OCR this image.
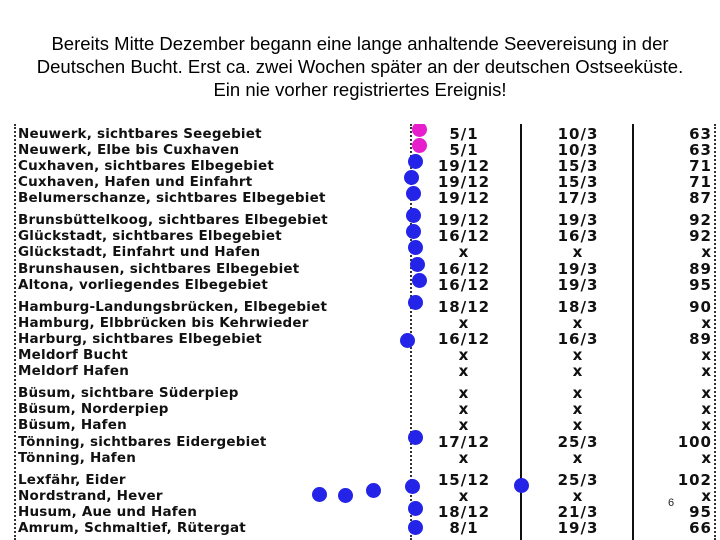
Bereits Mitte Dezember begann eine lange anhaltende Seevereisung in der
Deutschen Bucht. Erst ca. zwei Wochen später an der deutschen Ostseeküste.
Ein nie vorher registriertes Ereignis!
Neuwerk, sichtbares Seegebiet	5/1	10/3	63
Neuwerk, Elbe bis Cuxhaven	5/1	10/3	63
Cuxhaven, sichtbares Elbegebiet	19/12	15/3	71
Cuxhaven, Hafen und Einfahrt	19/12	15/3	71
Belumerschanze, sichtbares Elbegebiet	19/12	17/3	87
Brunsbüttelkoog, sichtbares Elbegebiet	19/12	19/3	92
Glückstadt, sichtbares Elbegebiet	16/12	16/3	92
Glückstadt, Einfahrt und Hafen	x	x	x
Brunshausen, sichtbares Elbegebiet	16/12	19/3	89
Altona, vorliegendes Elbegebiet	16/12	19/3	95
Hamburg-Landungsbrücken, Elbegebiet	18/12	18/3	90
Hamburg, Elbbrücken bis Kehrwieder	x	x	x
Harburg, sichtbares Elbegebiet	16/12	16/3	89
Meldorf Bucht	x	x	x
Meldorf Hafen	x	x	x
Büsum, sichtbare Süderpiep	x	x	x
Büsum, Norderpiep	x	x	x
Büsum, Hafen	x	x	x
Tönning, sichtbares Eidergebiet	17/12	25/3	100
Tönning, Hafen	x	x	x
Lexfähr, Eider	15/12	25/3	102
Nordstrand, Hever	x	x	x
Husum, Aue und Hafen	18/12	21/3	95
Amrum, Schmaltief, Rütergat	8/1	19/3	66
6
